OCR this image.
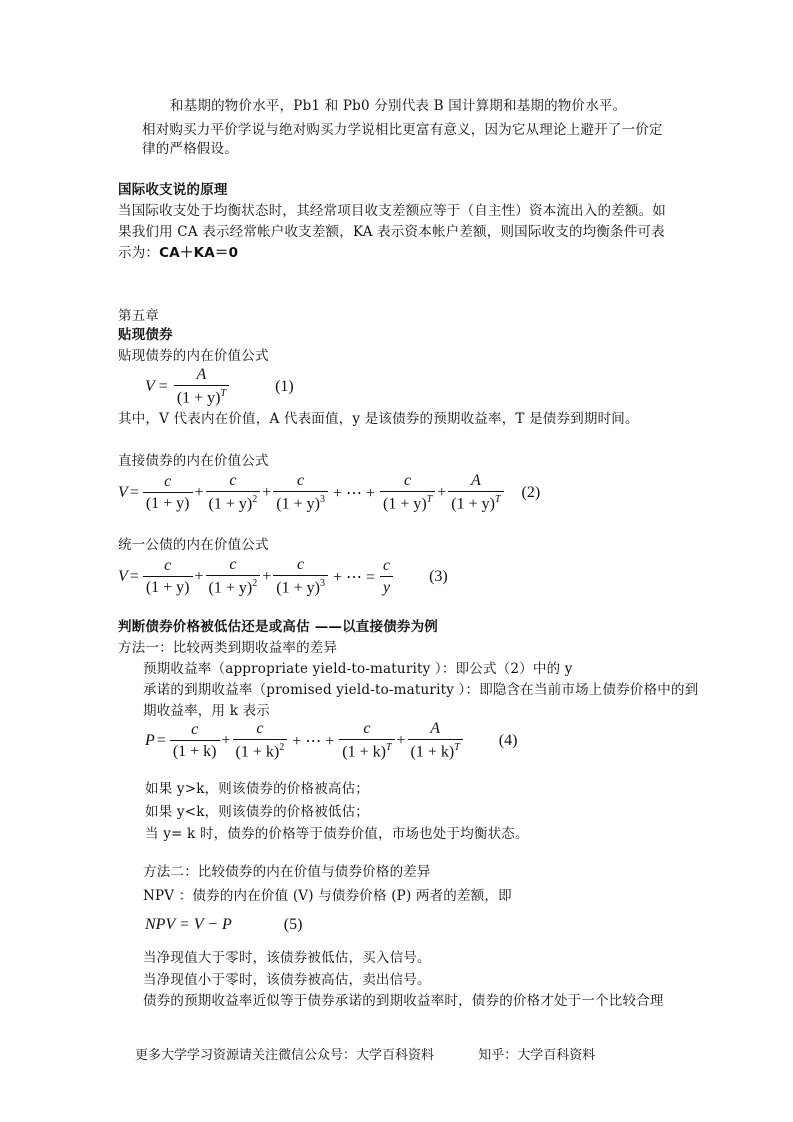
和基期的物价水平，Pb1 和 Pb0 分别代表 B 国计算期和基期的物价水平。
相对购买力平价学说与绝对购买力学说相比更富有意义，因为它从理论上避开了一价定
律的严格假设。
国际收支说的原理
当国际收支处于均衡状态时，其经常项目收支差额应等于（自主性）资本流出入的差额。如
果我们用 CA 表示经常帐户收支差额，KA 表示资本帐户差额，则国际收支的均衡条件可表
示为：CA＋KA＝0
第五章
贴现债券
贴现债券的内在价值公式
$V = \frac{A}{(1 + y)^T}$	(1)
其中，V 代表内在价值，A 代表面值，y 是该债券的预期收益率，T 是债券到期时间。
直接债券的内在价值公式
$V = \frac{c}{(1 + y)} + \frac{c}{(1 + y)^2} + \frac{c}{(1 + y)^3}$ + ⋯ + $\frac{c}{(1 + y)^T} + \frac{A}{(1 + y)^T} (2)$
统一公债的内在价值公式
$V = \frac{c}{(1 + y)} + \frac{c}{(1 + y)^2} + \frac{c}{(1 + y)^3}$ + ⋯ = $\frac{c}{y} (3)$
判断债券价格被低估还是或高估 ——以直接债券为例
方法一：比较两类到期收益率的差异
预期收益率（appropriate yield-to-maturity ）：即公式（2）中的 y
承诺的到期收益率（promised yield-to-maturity ）：即隐含在当前市场上债券价格中的到
期收益率，用 k 表示
$P = \frac{c}{(1 + k)} + \frac{c}{(1 + k)^2}$ + ⋯ + $\frac{c}{(1 + k)^T} + \frac{A}{(1 + k)^T} (4)$
如果 y>k，则该债券的价格被高估；
如果 y<k，则该债券的价格被低估；
当 y= k 时，债券的价格等于债券价值，市场也处于均衡状态。
方法二：比较债券的内在价值与债券价格的差异
NPV ：债券的内在价值 (V) 与债券价格 (P) 两者的差额，即
NPV = V − P	(5)
当净现值大于零时，该债券被低估，买入信号。
当净现值小于零时，该债券被高估，卖出信号。
债券的预期收益率近似等于债券承诺的到期收益率时，债券的价格才处于一个比较合理
更多大学学习资源请关注微信公众号：大学百科资料	知乎：大学百科资料
